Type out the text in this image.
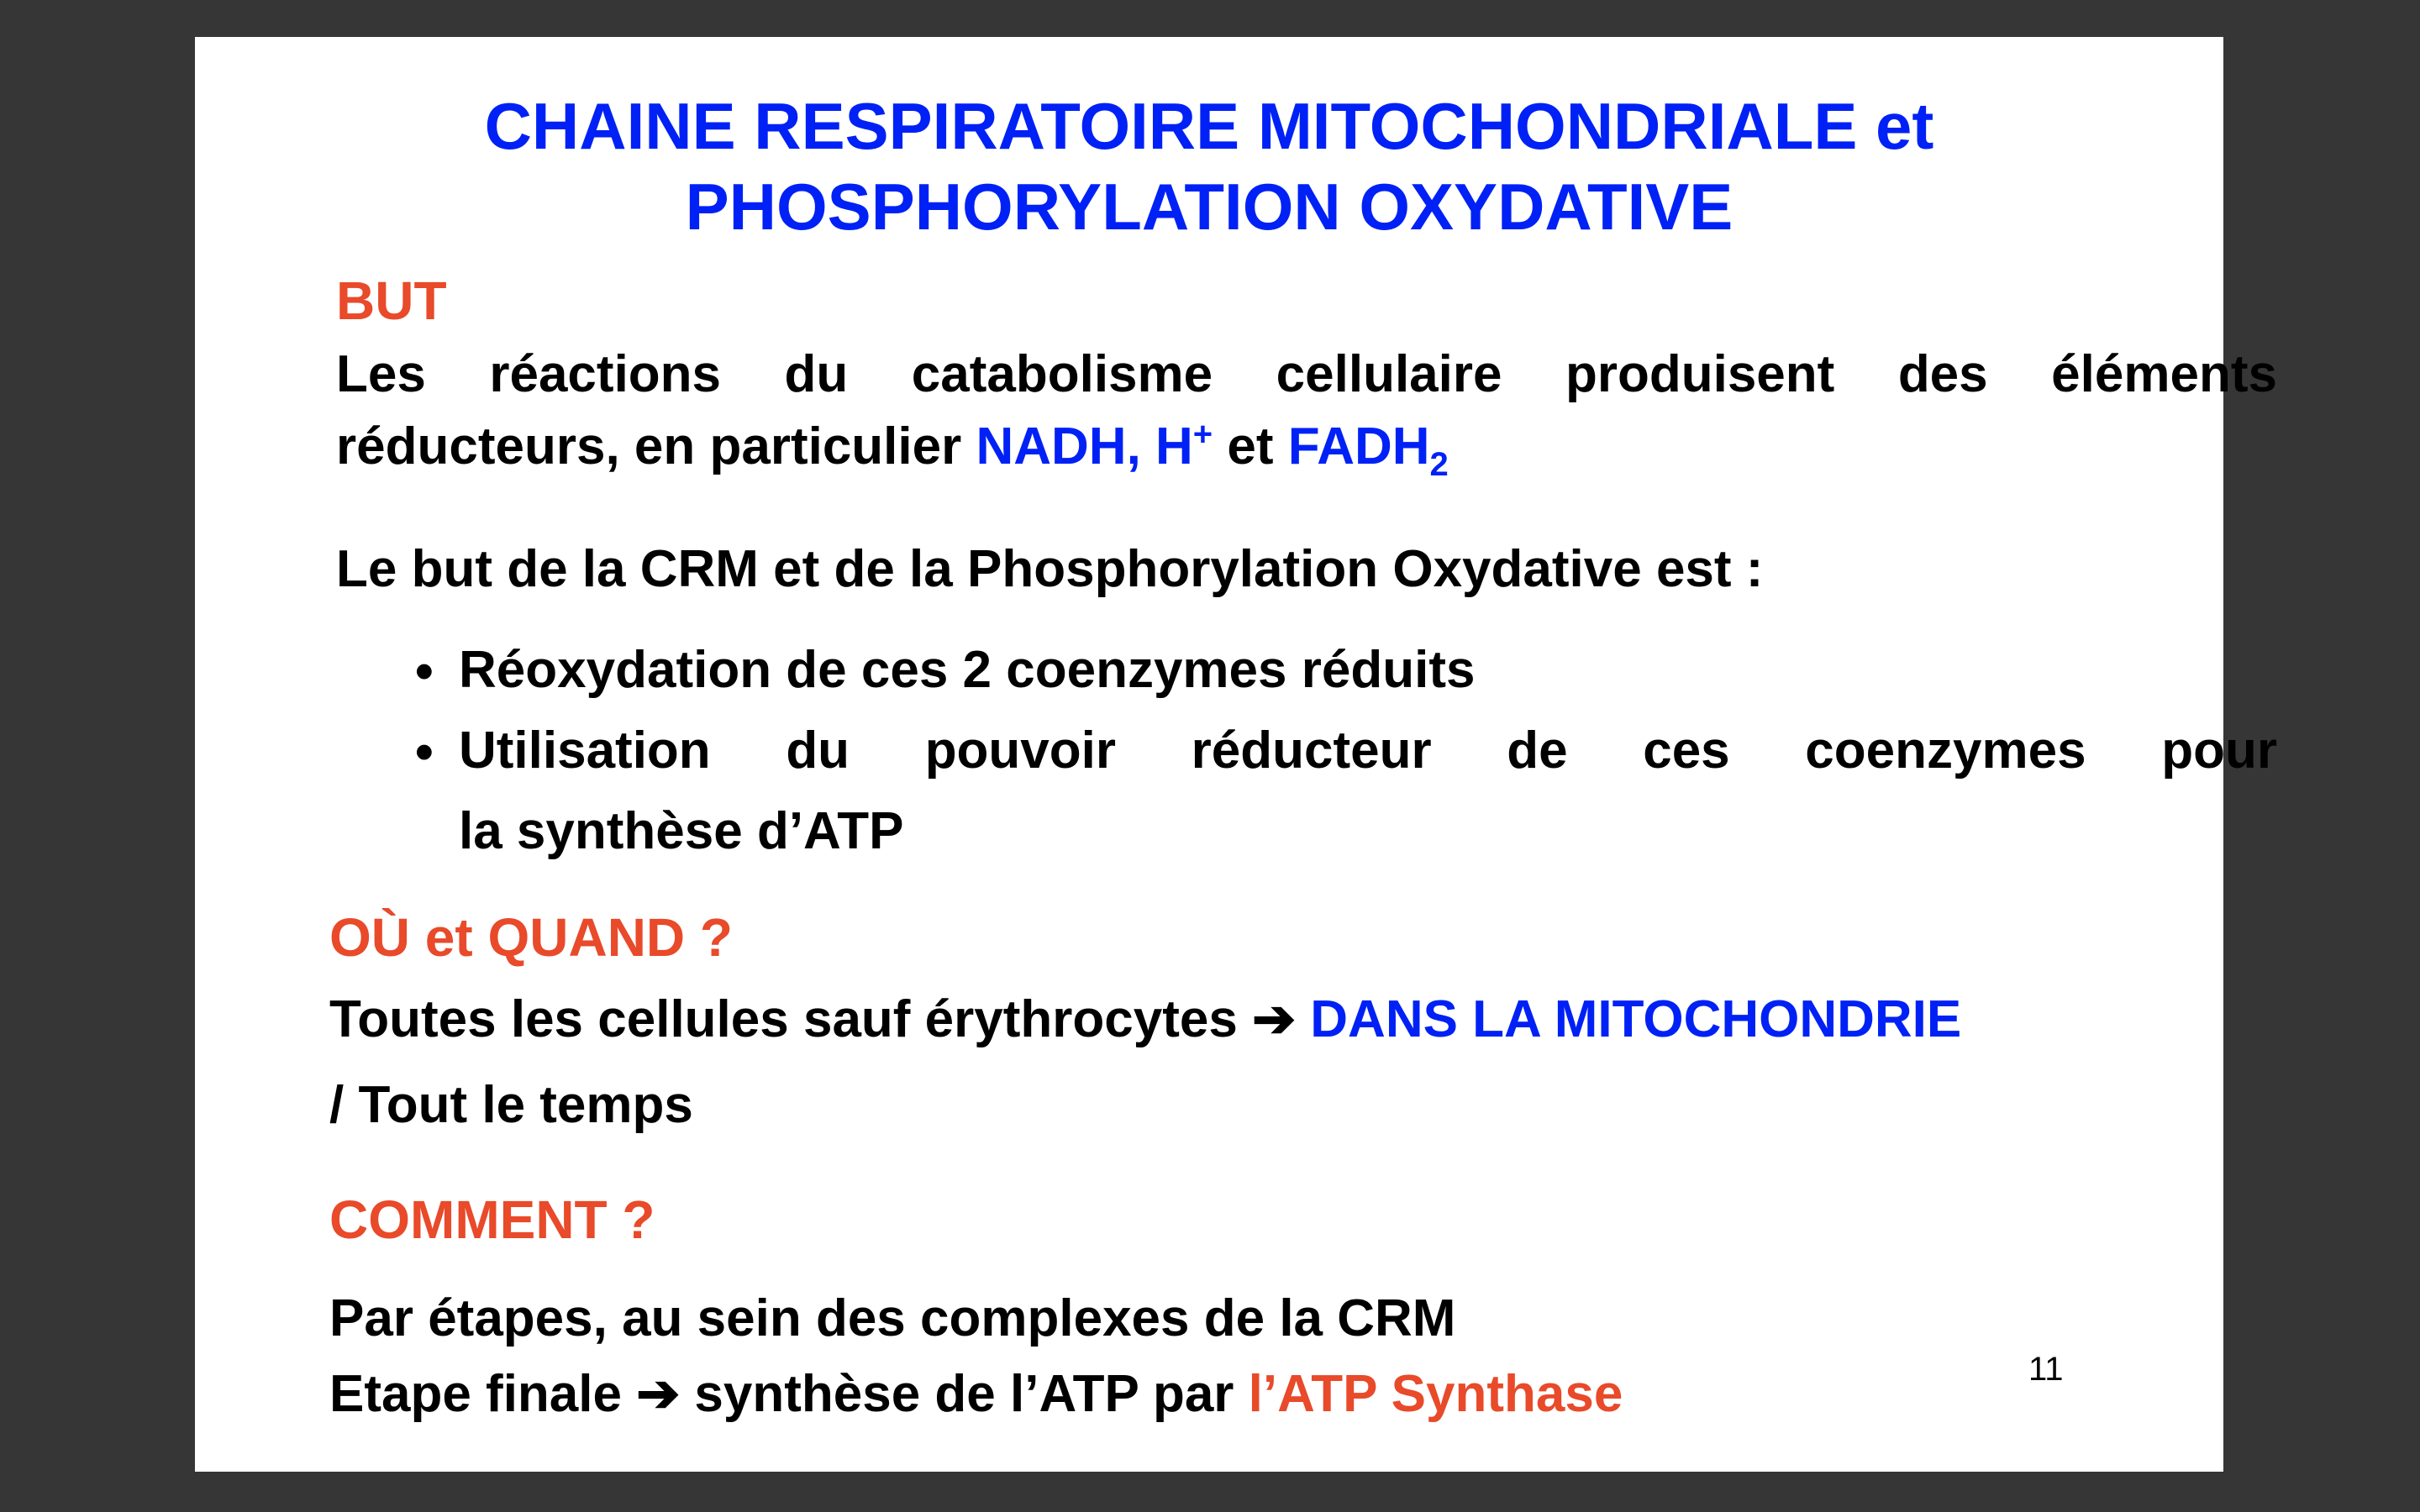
CHAINE RESPIRATOIRE MITOCHONDRIALE et
PHOSPHORYLATION OXYDATIVE
BUT
Les réactions du catabolisme cellulaire produisent des éléments
réducteurs, en particulier NADH, H+ et $FADH_2$
Le but de la CRM et de la Phosphorylation Oxydative est :
• Réoxydation de ces 2 coenzymes réduits
• Utilisation du pouvoir réducteur de ces coenzymes pour
la synthèse d’ATP
OÙ et QUAND ?
Toutes les cellules sauf érythrocytes ➔ DANS LA MITOCHONDRIE
/ Tout le temps
COMMENT ?
Par étapes, au sein des complexes de la CRM
Etape finale ➔ synthèse de l’ATP par l’ATP Synthase	11
